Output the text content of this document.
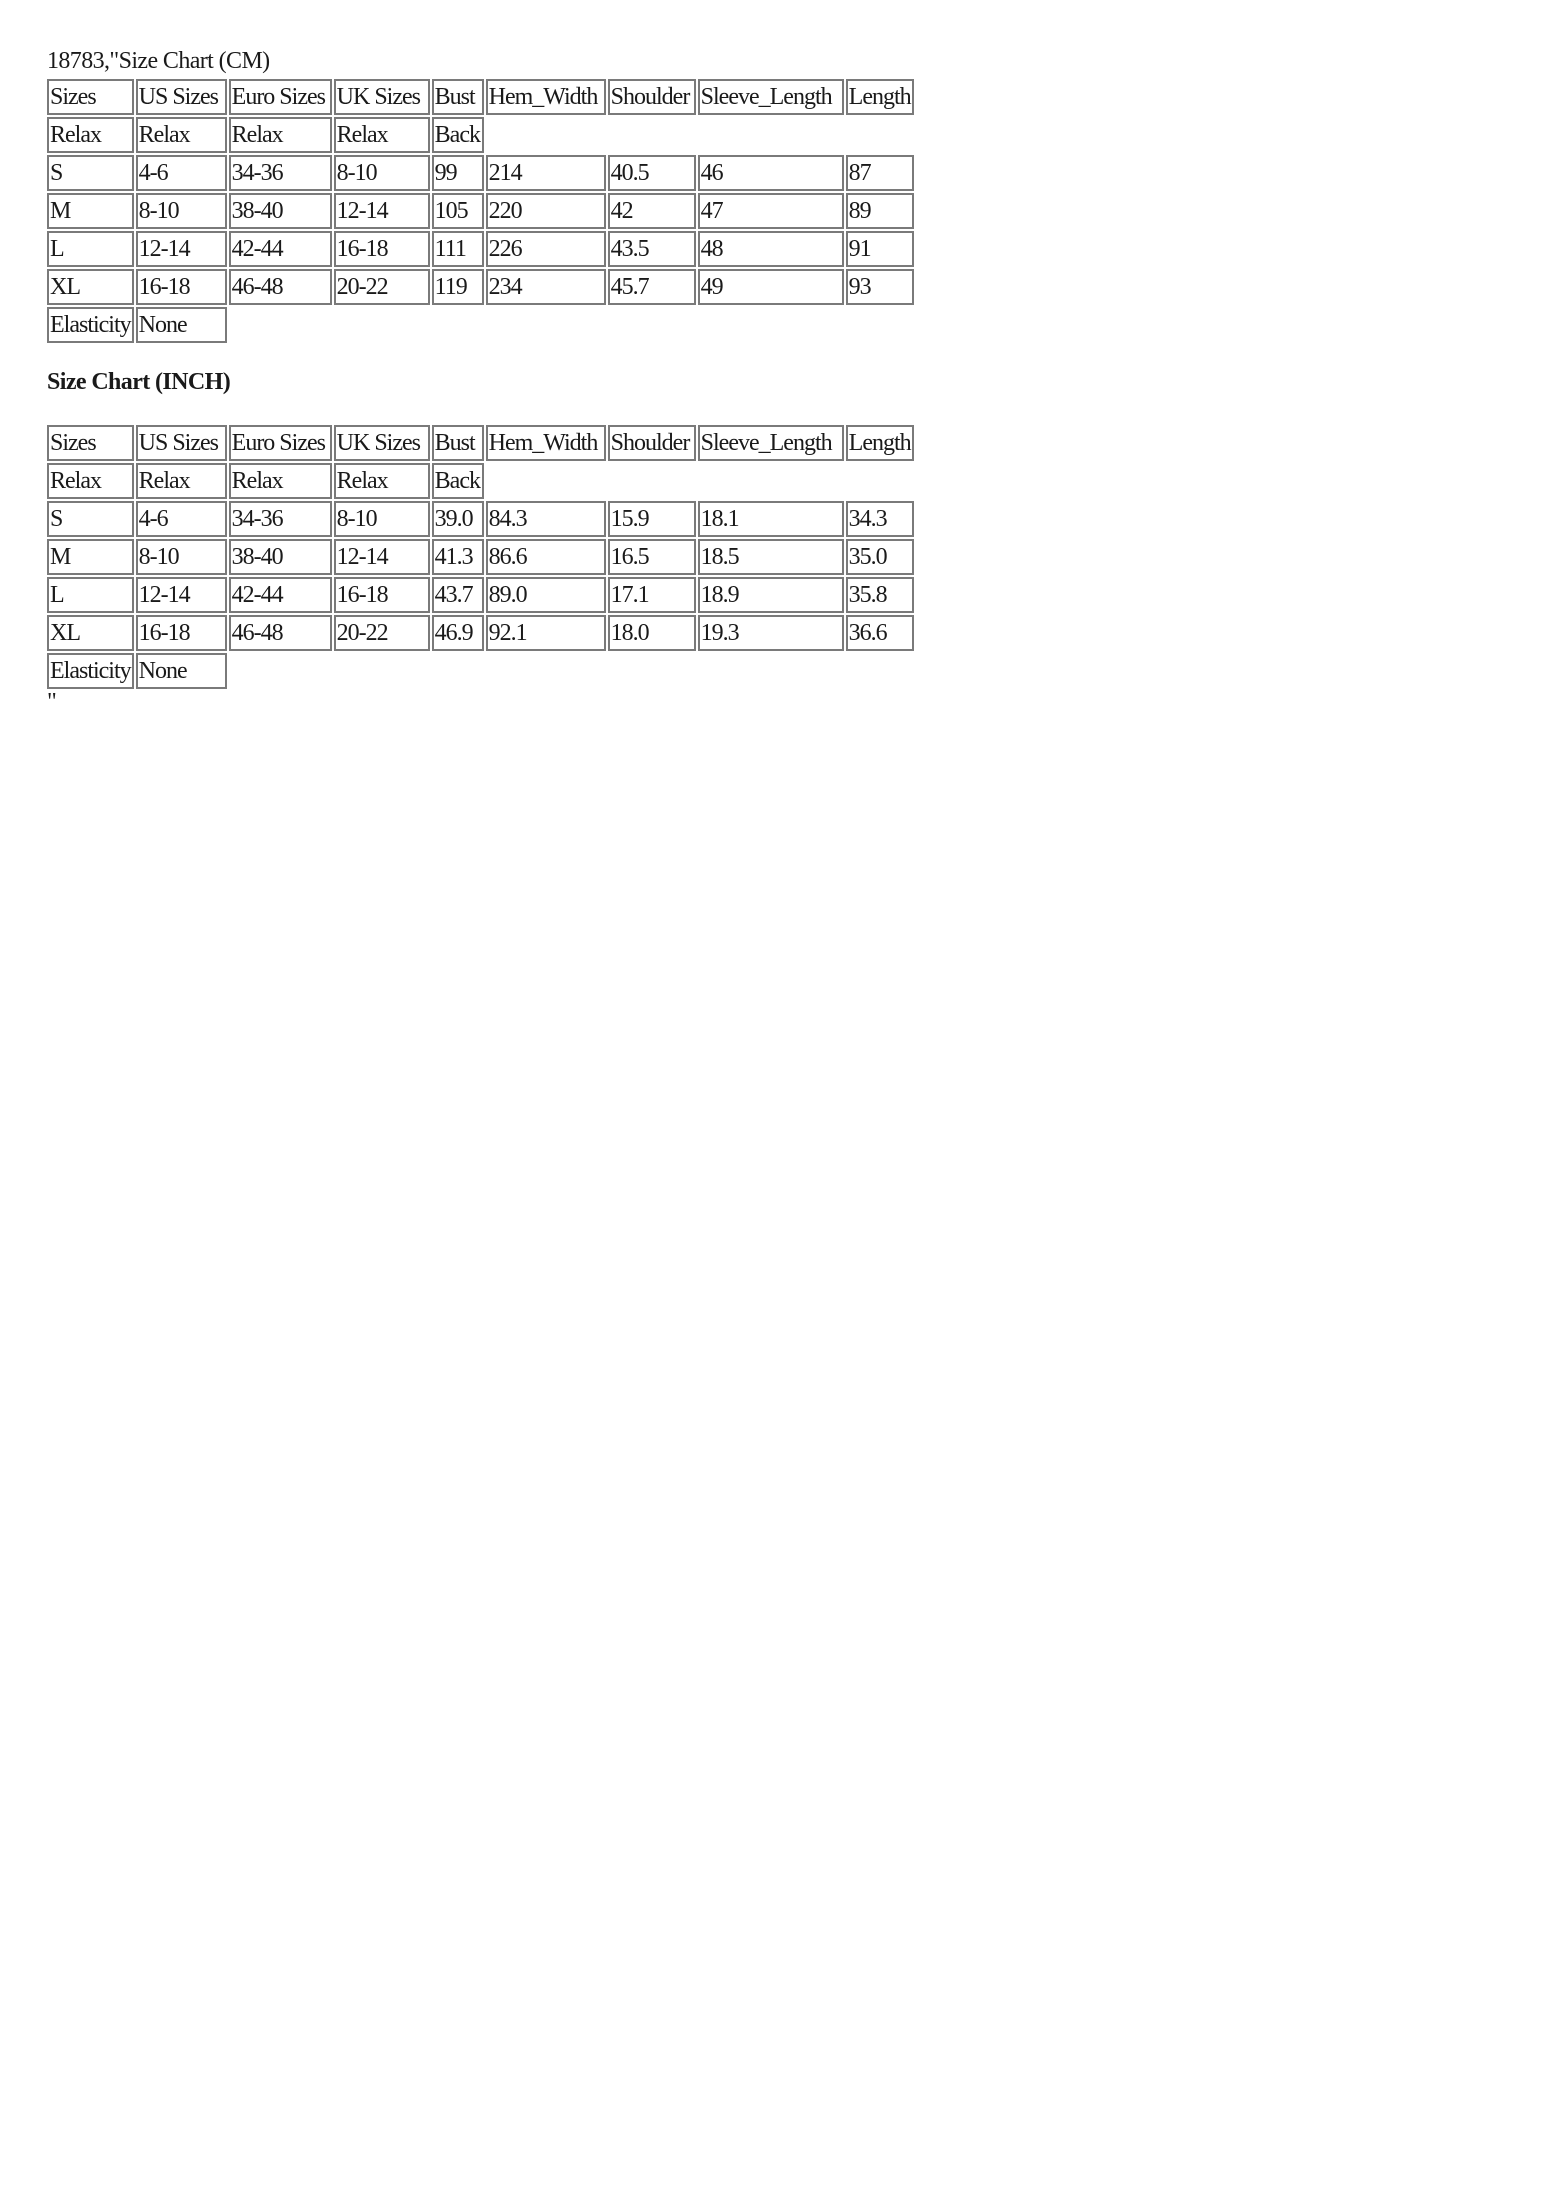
18783,"Size Chart (CM)
Sizes	US Sizes	Euro Sizes	UK Sizes	Bust	Hem_Width	Shoulder	Sleeve_Length	Length
Relax	Relax	Relax	Relax	Back				
S	4-6	34-36	8-10	99	214	40.5	46	87
M	8-10	38-40	12-14	105	220	42	47	89
L	12-14	42-44	16-18	111	226	43.5	48	91
XL	16-18	46-48	20-22	119	234	45.7	49	93
Elasticity	None							
Size Chart (INCH)
Sizes	US Sizes	Euro Sizes	UK Sizes	Bust	Hem_Width	Shoulder	Sleeve_Length	Length
Relax	Relax	Relax	Relax	Back				
S	4-6	34-36	8-10	39.0	84.3	15.9	18.1	34.3
M	8-10	38-40	12-14	41.3	86.6	16.5	18.5	35.0
L	12-14	42-44	16-18	43.7	89.0	17.1	18.9	35.8
XL	16-18	46-48	20-22	46.9	92.1	18.0	19.3	36.6
Elasticity	None							
"
